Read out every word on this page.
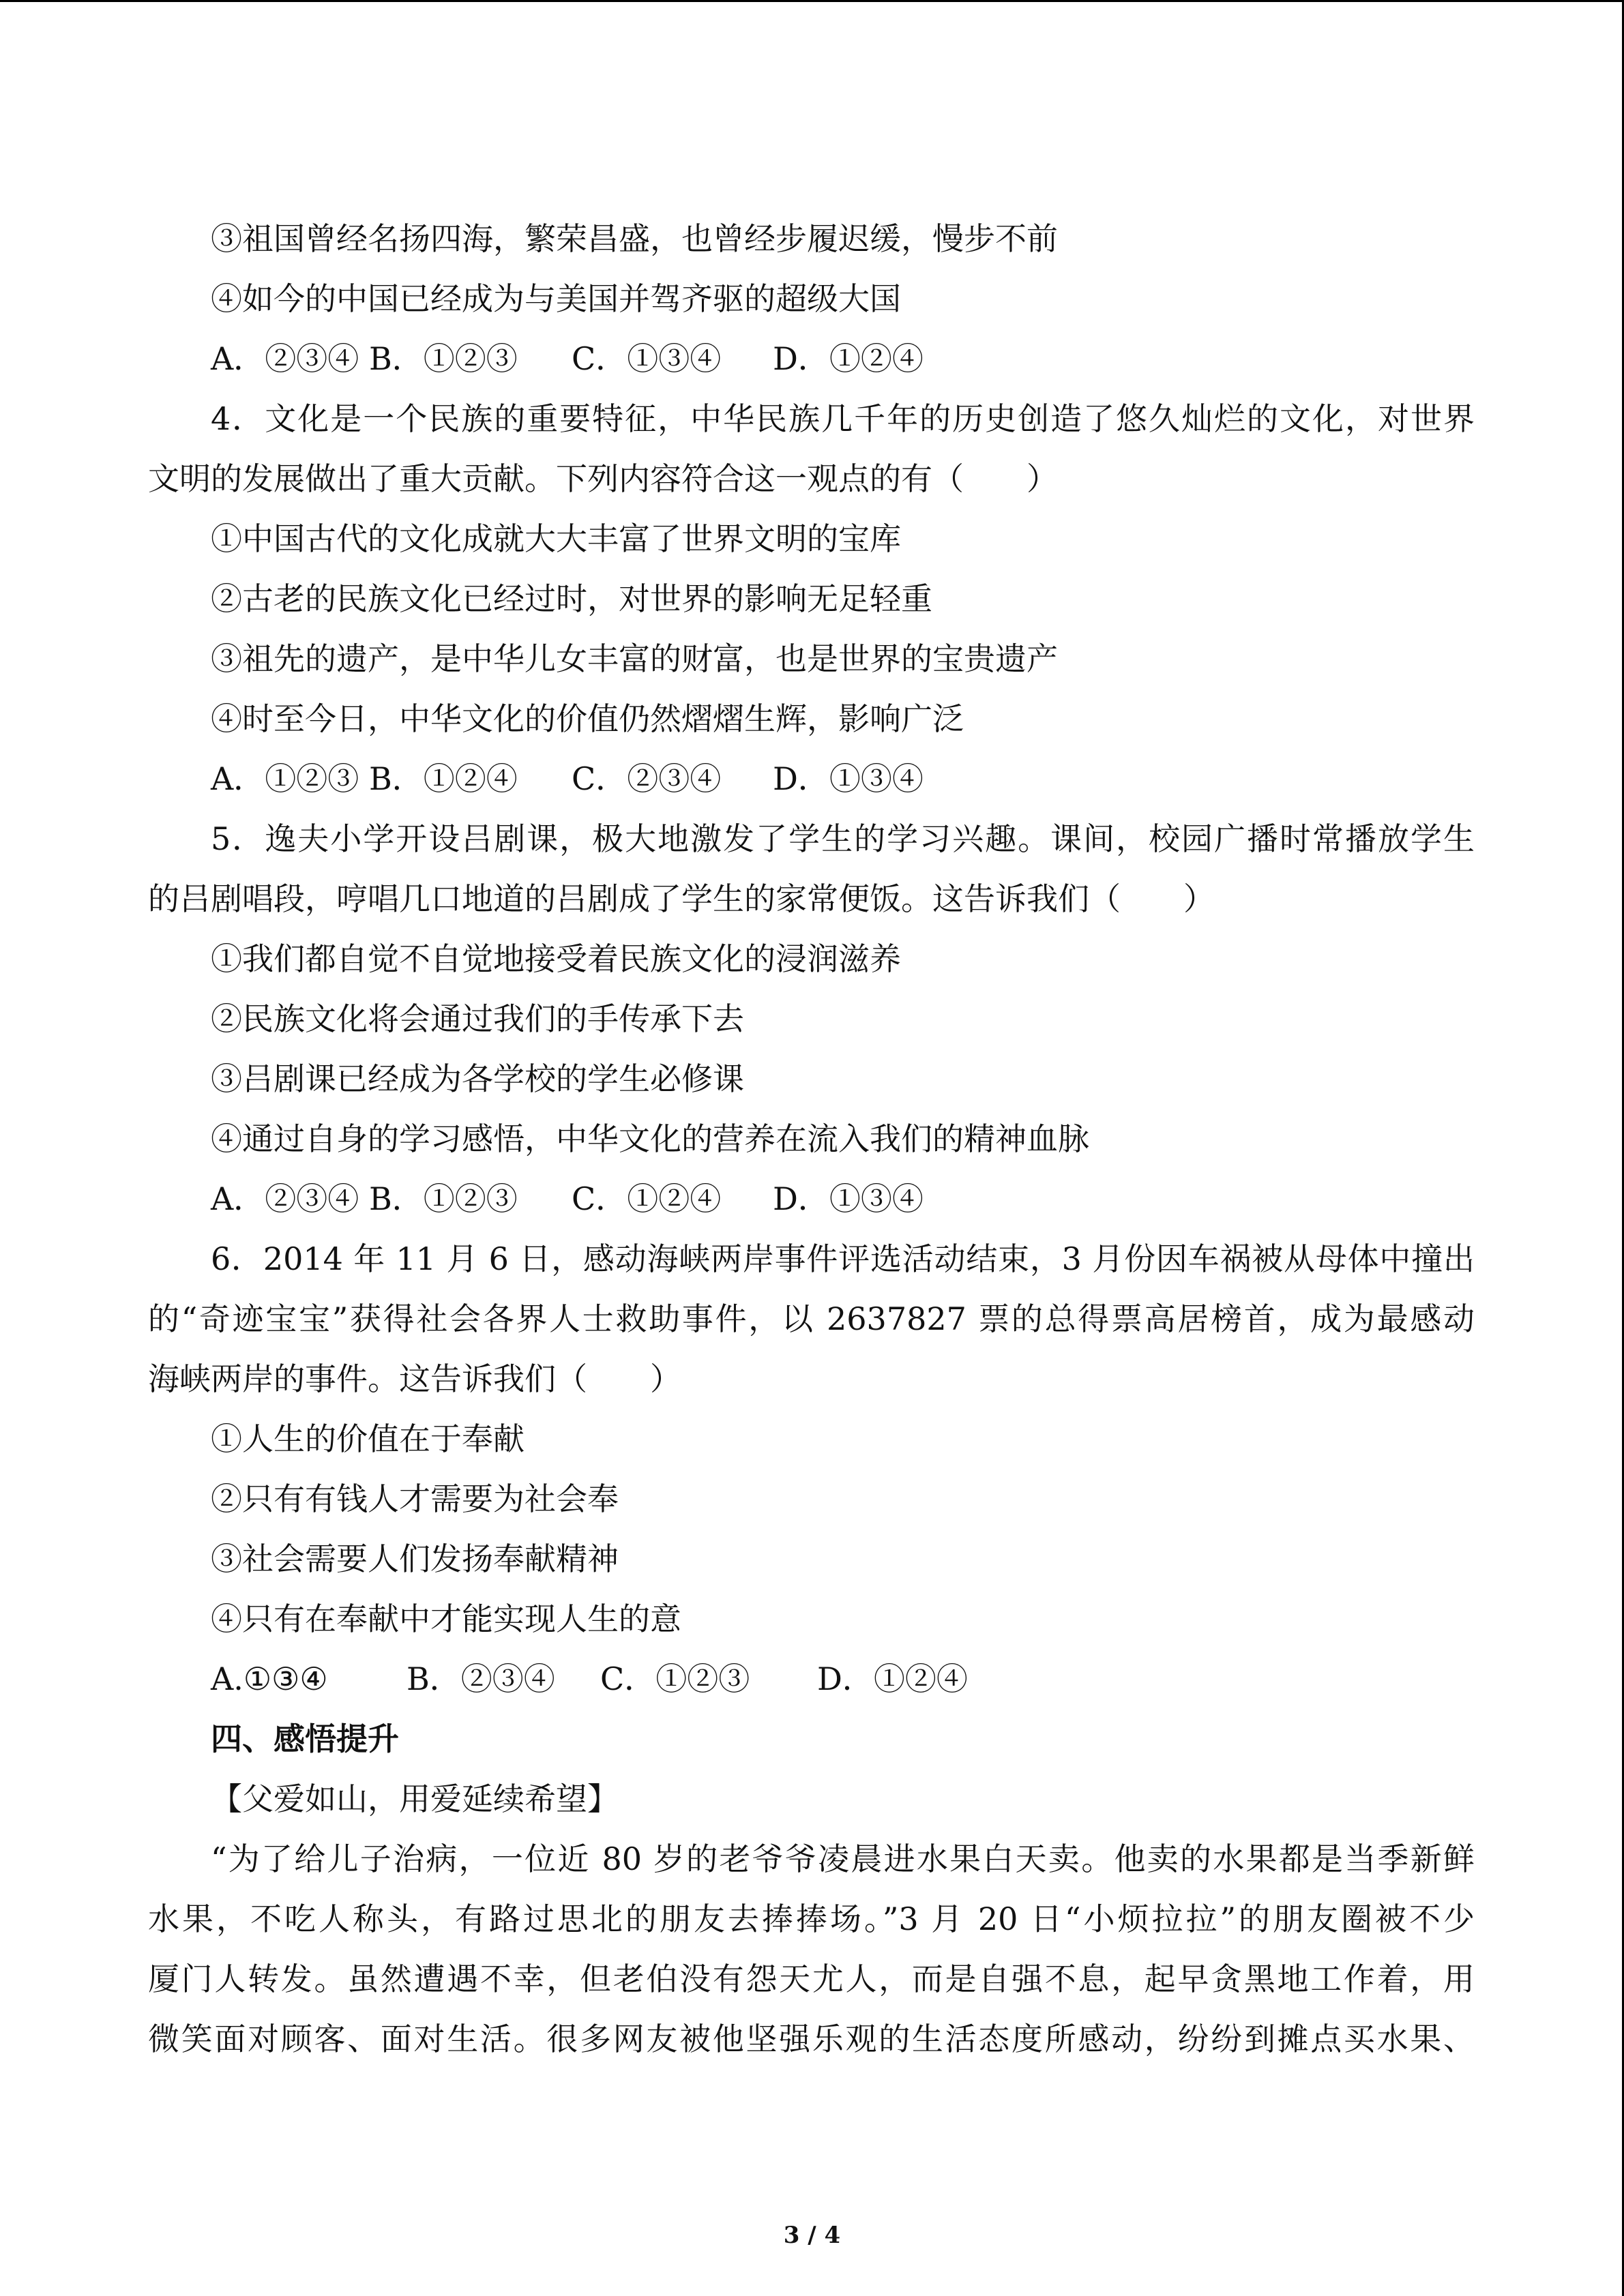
③祖国曾经名扬四海，繁荣昌盛，也曾经步履迟缓，慢步不前
④如今的中国已经成为与美国并驾齐驱的超级大国
A．②③④ B．①②③	C．①③④	D．①②④
4．文化是一个民族的重要特征，中华民族几千年的历史创造了悠久灿烂的文化，对世界
文明的发展做出了重大贡献。下列内容符合这一观点的有（　　）
①中国古代的文化成就大大丰富了世界文明的宝库
②古老的民族文化已经过时，对世界的影响无足轻重
③祖先的遗产，是中华儿女丰富的财富，也是世界的宝贵遗产
④时至今日，中华文化的价值仍然熠熠生辉，影响广泛
A．①②③ B．①②④	C．②③④	D．①③④
5．逸夫小学开设吕剧课，极大地激发了学生的学习兴趣。课间，校园广播时常播放学生
的吕剧唱段，哼唱几口地道的吕剧成了学生的家常便饭。这告诉我们（　　）
①我们都自觉不自觉地接受着民族文化的浸润滋养
②民族文化将会通过我们的手传承下去
③吕剧课已经成为各学校的学生必修课
④通过自身的学习感悟，中华文化的营养在流入我们的精神血脉
A．②③④ B．①②③	C．①②④	D．①③④
6．2014 年 11 月 6 日，感动海峡两岸事件评选活动结束，3 月份因车祸被从母体中撞出
的“奇迹宝宝”获得社会各界人士救助事件，以 2637827 票的总得票高居榜首，成为最感动
海峡两岸的事件。这告诉我们（　　）
①人生的价值在于奉献
②只有有钱人才需要为社会奉
③社会需要人们发扬奉献精神
④只有在奉献中才能实现人生的意
A.①③④	B．②③④	C．①②③	D．①②④
四、感悟提升
【父爱如山，用爱延续希望】
“为了给儿子治病，一位近 80 岁的老爷爷凌晨进水果白天卖。他卖的水果都是当季新鲜
水果，不吃人称头，有路过思北的朋友去捧捧场。”3 月 20 日“小烦拉拉”的朋友圈被不少
厦门人转发。虽然遭遇不幸，但老伯没有怨天尤人，而是自强不息，起早贪黑地工作着，用
微笑面对顾客、面对生活。很多网友被他坚强乐观的生活态度所感动，纷纷到摊点买水果、
3 / 4
